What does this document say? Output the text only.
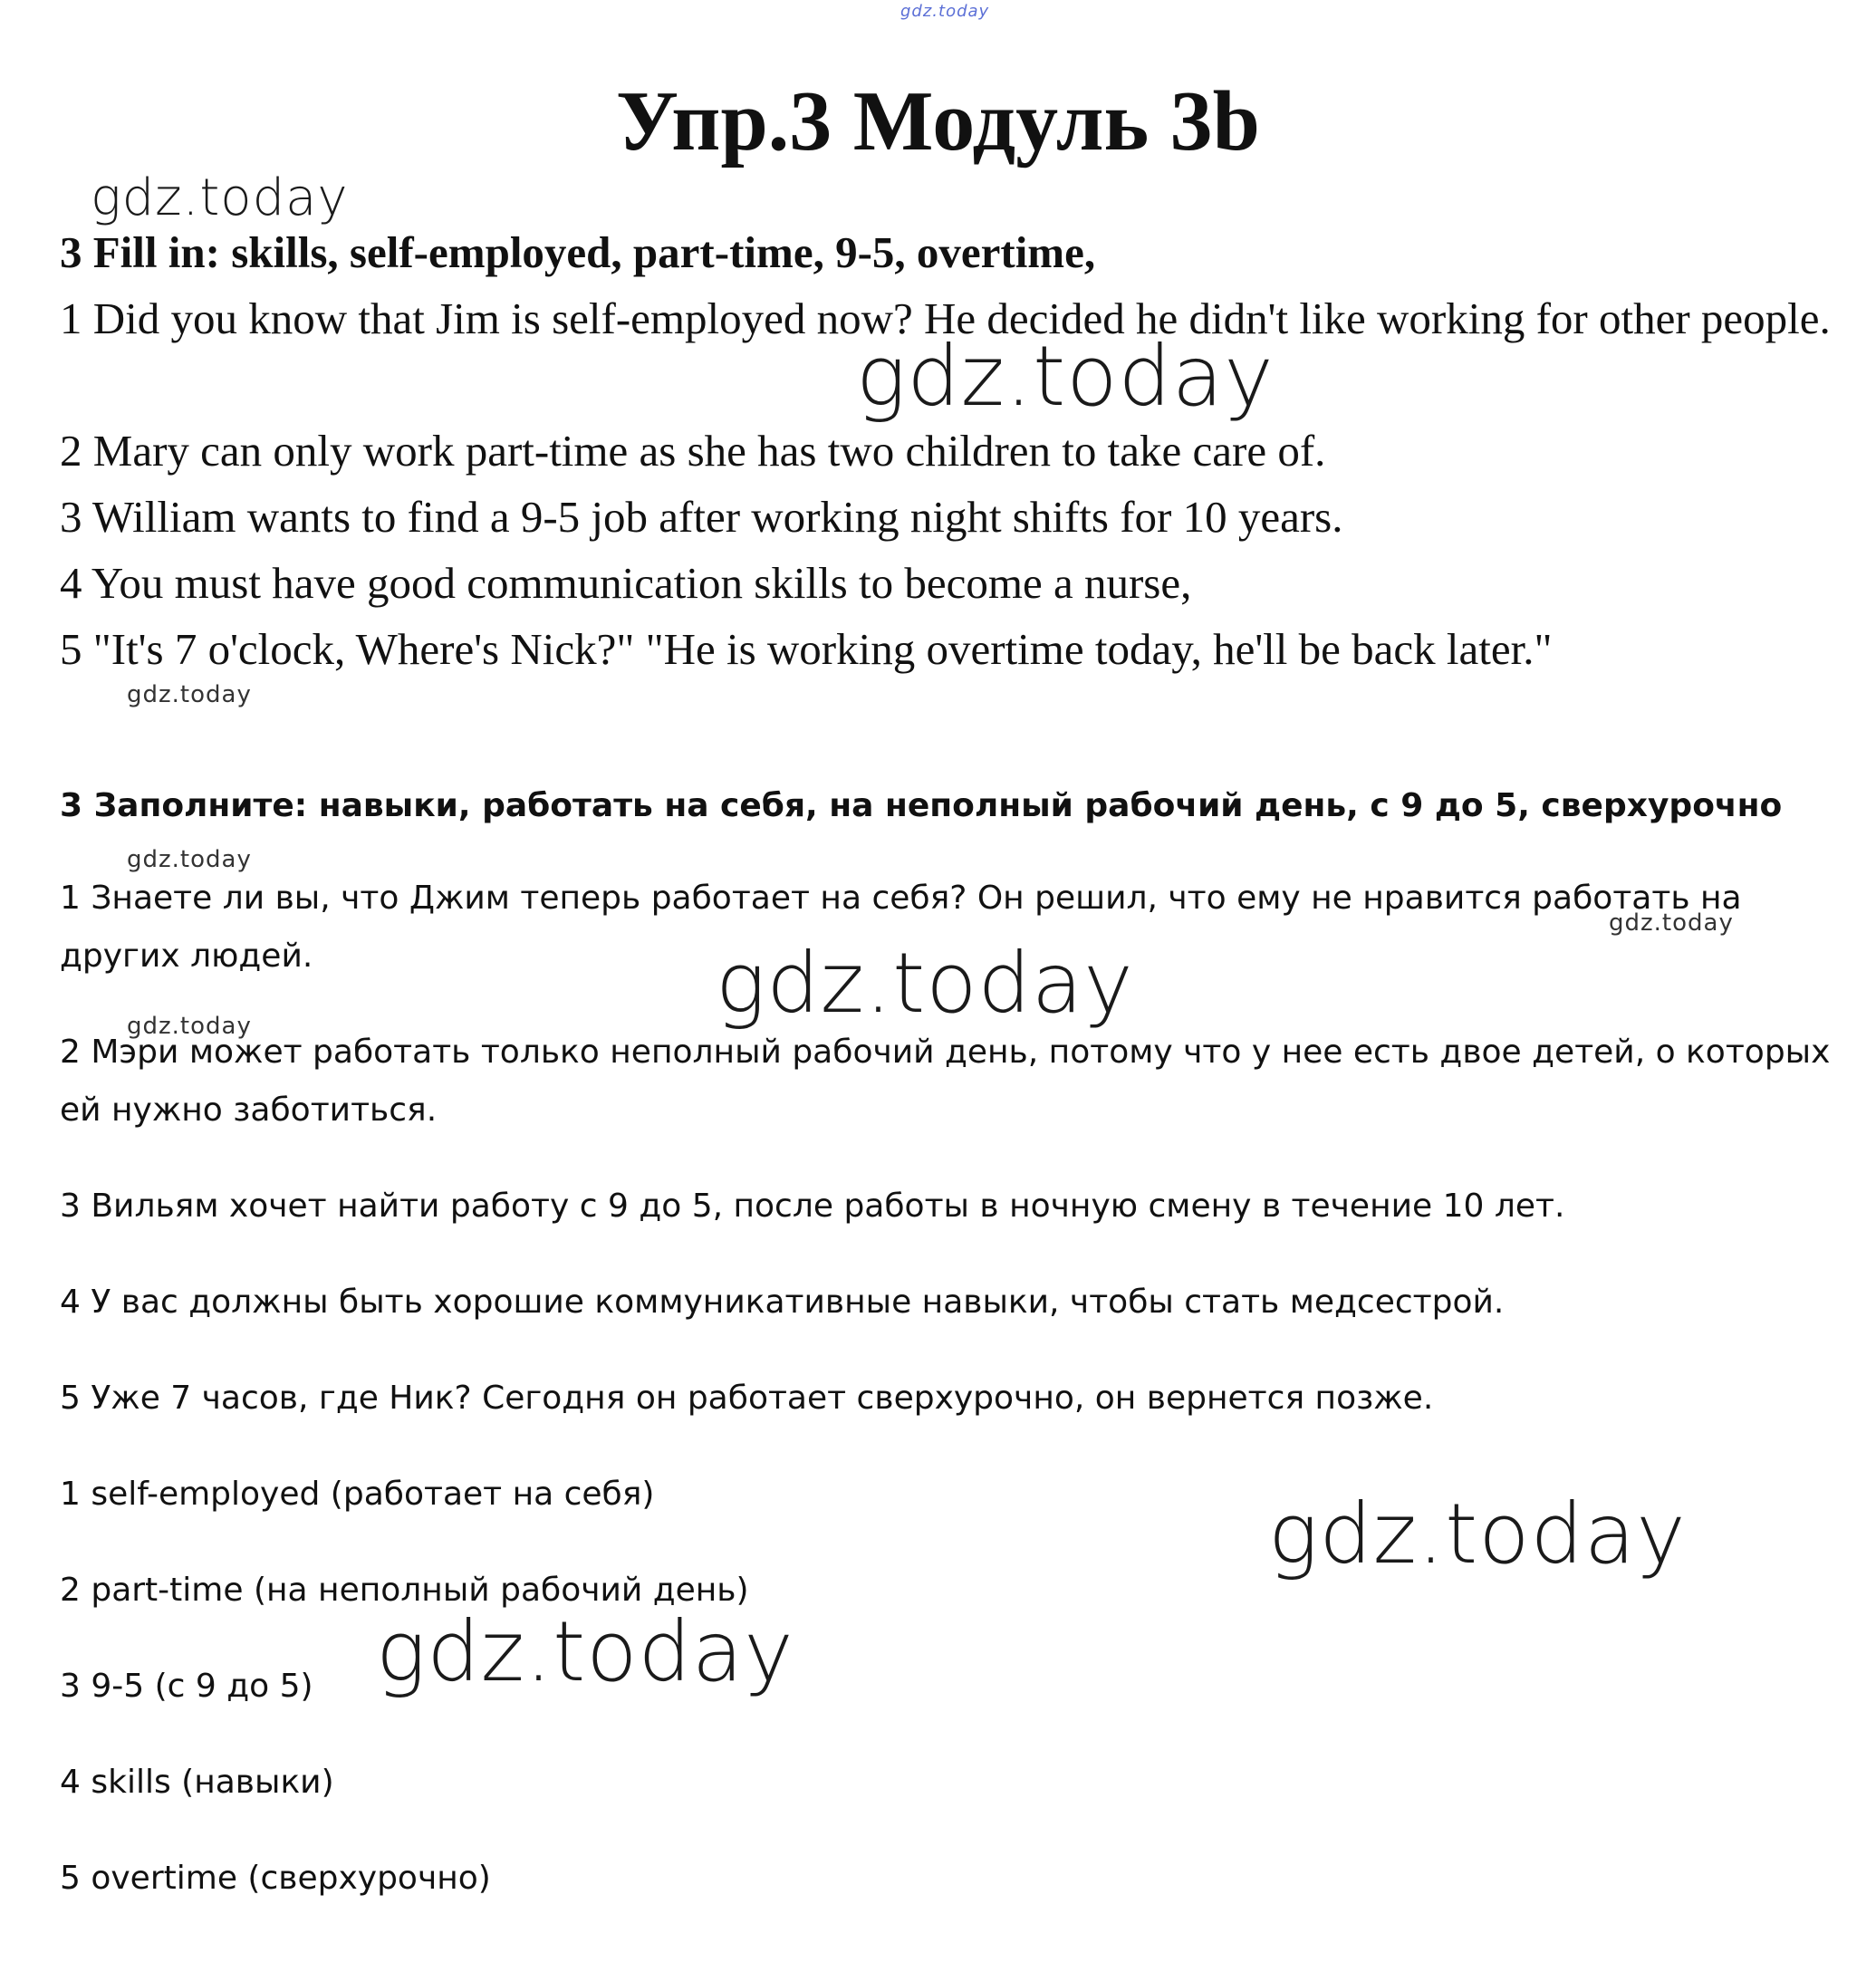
gdz.today
gdz.today
gdz.today
gdz.today
gdz.today
gdz.today
gdz.today
gdz.today
gdz.today
gdz.today
Упр.3 Модуль 3b

3 Fill in: skills, self-employed, part-time, 9-5, overtime,

1 Did you know that Jim is self-employed now? He decided he didn't like working for other people.

2 Mary can only work part-time as she has two children to take care of.

3 William wants to find a 9-5 job after working night shifts for 10 years.

4 You must have good communication skills to become a nurse,

5 "It's 7 o'clock, Where's Nick?" "He is working overtime today, he'll be back later."

3 Заполните: навыки, работать на себя, на неполный рабочий день, с 9 до 5, сверхурочно

1 Знаете ли вы, что Джим теперь работает на себя? Он решил, что ему не нравится работать на других людей.

2 Мэри может работать только неполный рабочий день, потому что у нее есть двое детей, о которых ей нужно заботиться.

3 Вильям хочет найти работу с 9 до 5, после работы в ночную смену в течение 10 лет.

4 У вас должны быть хорошие коммуникативные навыки, чтобы стать медсестрой.

5 Уже 7 часов, где Ник? Сегодня он работает сверхурочно, он вернется позже.

1 self-employed (работает на себя)

2 part-time (на неполный рабочий день)

3 9-5 (с 9 до 5)

4 skills (навыки)

5 overtime (сверхурочно)
